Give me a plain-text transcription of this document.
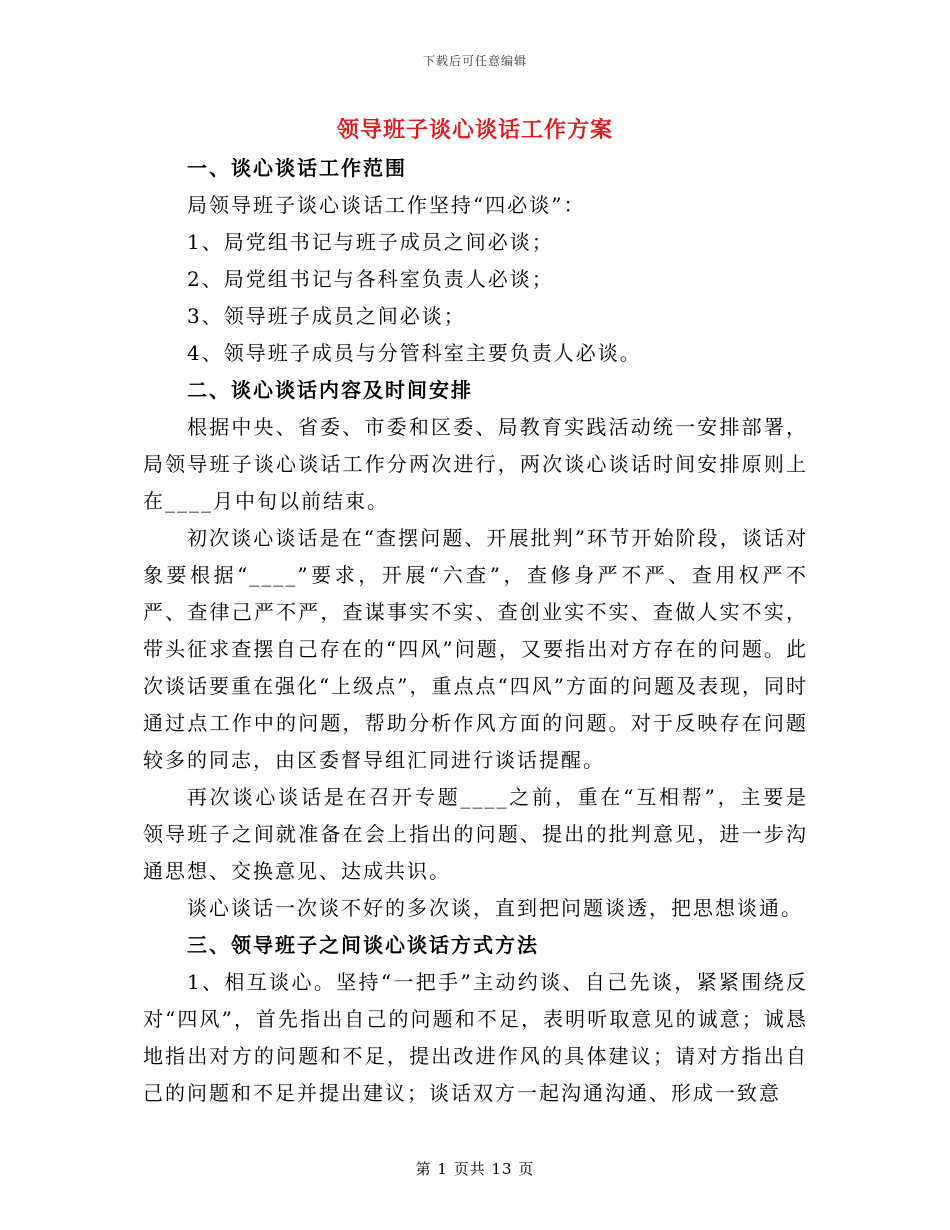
下载后可任意编辑
领导班子谈心谈话工作方案

一、谈心谈话工作范围

局领导班子谈心谈话工作坚持“四必谈”：

1、局党组书记与班子成员之间必谈；

2、局党组书记与各科室负责人必谈；

3、领导班子成员之间必谈；

4、领导班子成员与分管科室主要负责人必谈。

二、谈心谈话内容及时间安排

根据中央、省委、市委和区委、局教育实践活动统一安排部署，局领导班子谈心谈话工作分两次进行，两次谈心谈话时间安排原则上在____月中旬以前结束。

初次谈心谈话是在“查摆问题、开展批判”环节开始阶段，谈话对象要根据“____”要求，开展“六查”，查修身严不严、查用权严不严、查律己严不严，查谋事实不实、查创业实不实、查做人实不实，带头征求查摆自己存在的“四风”问题，又要指出对方存在的问题。此次谈话要重在强化“上级点”，重点点“四风”方面的问题及表现，同时通过点工作中的问题，帮助分析作风方面的问题。对于反映存在问题较多的同志，由区委督导组汇同进行谈话提醒。

再次谈心谈话是在召开专题____之前，重在“互相帮”，主要是领导班子之间就准备在会上指出的问题、提出的批判意见，进一步沟通思想、交换意见、达成共识。

谈心谈话一次谈不好的多次谈，直到把问题谈透，把思想谈通。

三、领导班子之间谈心谈话方式方法

1、相互谈心。坚持“一把手”主动约谈、自己先谈，紧紧围绕反对“四风”，首先指出自己的问题和不足，表明听取意见的诚意；诚恳地指出对方的问题和不足，提出改进作风的具体建议；请对方指出自己的问题和不足并提出建议；谈话双方一起沟通沟通、形成一致意

第 1 页共 13 页
